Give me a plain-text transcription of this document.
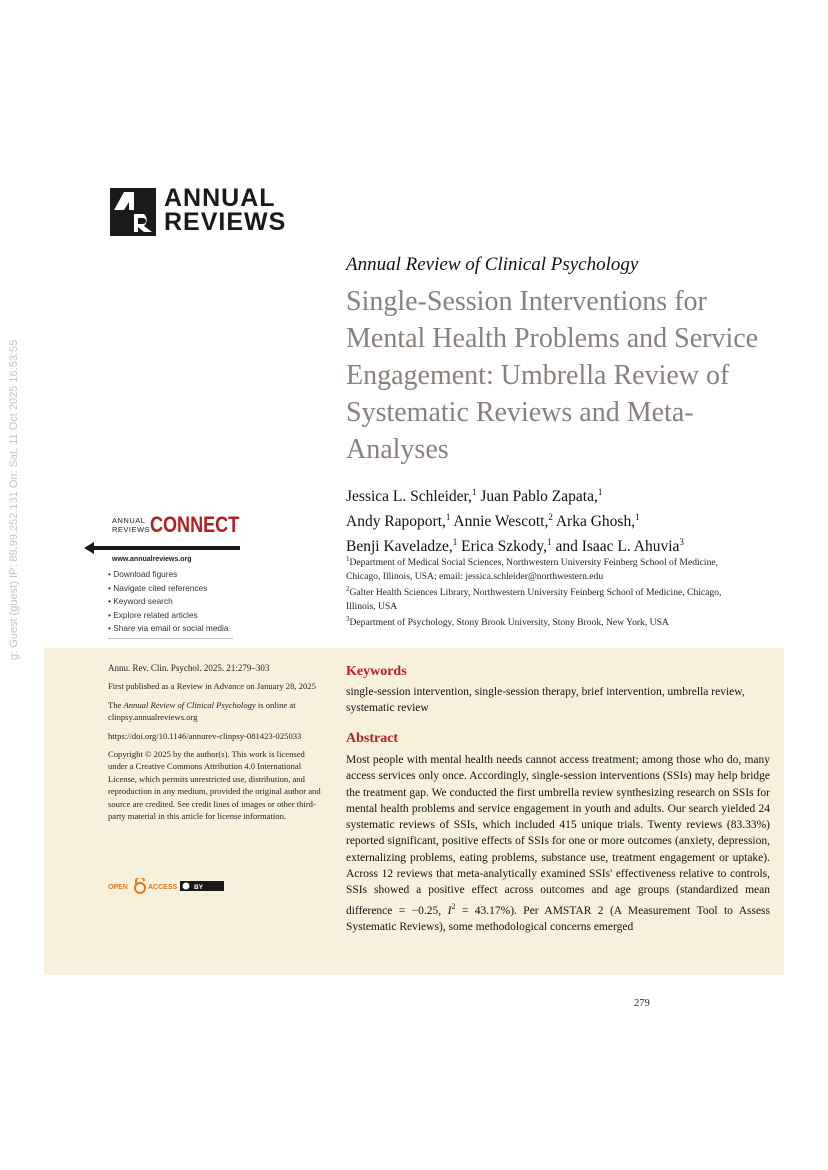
ANNUAL
REVIEWS
g: Guest (guest) IP: 89.99.252.131 On: Sat, 11 Oct 2025 16:53:55
Annual Review of Clinical Psychology
Single-Session Interventions for Mental Health Problems and Service Engagement: Umbrella Review of Systematic Reviews and Meta-Analyses
Jessica L. Schleider,$^1$ Juan Pablo Zapata,$^1$
Andy Rapoport,$^1$ Annie Wescott,$^2$ Arka Ghosh,$^1$
Benji Kaveladze,$^1$ Erica Szkody,$^1$ and Isaac L. Ahuvia$^3$
$^1$Department of Medical Social Sciences, Northwestern University Feinberg School of Medicine, Chicago, Illinois, USA; email: jessica.schleider@northwestern.edu
$^2$Galter Health Sciences Library, Northwestern University Feinberg School of Medicine, Chicago, Illinois, USA
$^3$Department of Psychology, Stony Brook University, Stony Brook, New York, USA
ANNUAL
REVIEWS CONNECT
www.annualreviews.org
• Download figures
• Navigate cited references
• Keyword search
• Explore related articles
• Share via email or social media

Annu. Rev. Clin. Psychol. 2025. 21:279–303

First published as a Review in Advance on January 28, 2025

The Annual Review of Clinical Psychology is online at clinpsy.annualreviews.org

https://doi.org/10.1146/annurev-clinpsy-081423-025033

Copyright © 2025 by the author(s). This work is licensed under a Creative Commons Attribution 4.0 International License, which permits unrestricted use, distribution, and reproduction in any medium, provided the original author and source are credited. See credit lines of images or other third-party material in this article for license information.

OPEN	ACCESS	BY
Keywords
single-session intervention, single-session therapy, brief intervention, umbrella review, systematic review
Abstract
Most people with mental health needs cannot access treatment; among those who do, many access services only once. Accordingly, single-session interventions (SSIs) may help bridge the treatment gap. We conducted the first umbrella review synthesizing research on SSIs for mental health problems and service engagement in youth and adults. Our search yielded 24 systematic reviews of SSIs, which included 415 unique trials. Twenty reviews (83.33%) reported significant, positive effects of SSIs for one or more outcomes (anxiety, depression, externalizing problems, eating problems, substance use, treatment engagement or uptake). Across 12 reviews that meta-analytically examined SSIs' effectiveness relative to controls, SSIs showed a positive effect across outcomes and age groups (standardized mean difference = −0.25, $I^2 = 43.17\%$). Per AMSTAR 2 (A Measurement Tool to Assess Systematic Reviews), some methodological concerns emerged
279
